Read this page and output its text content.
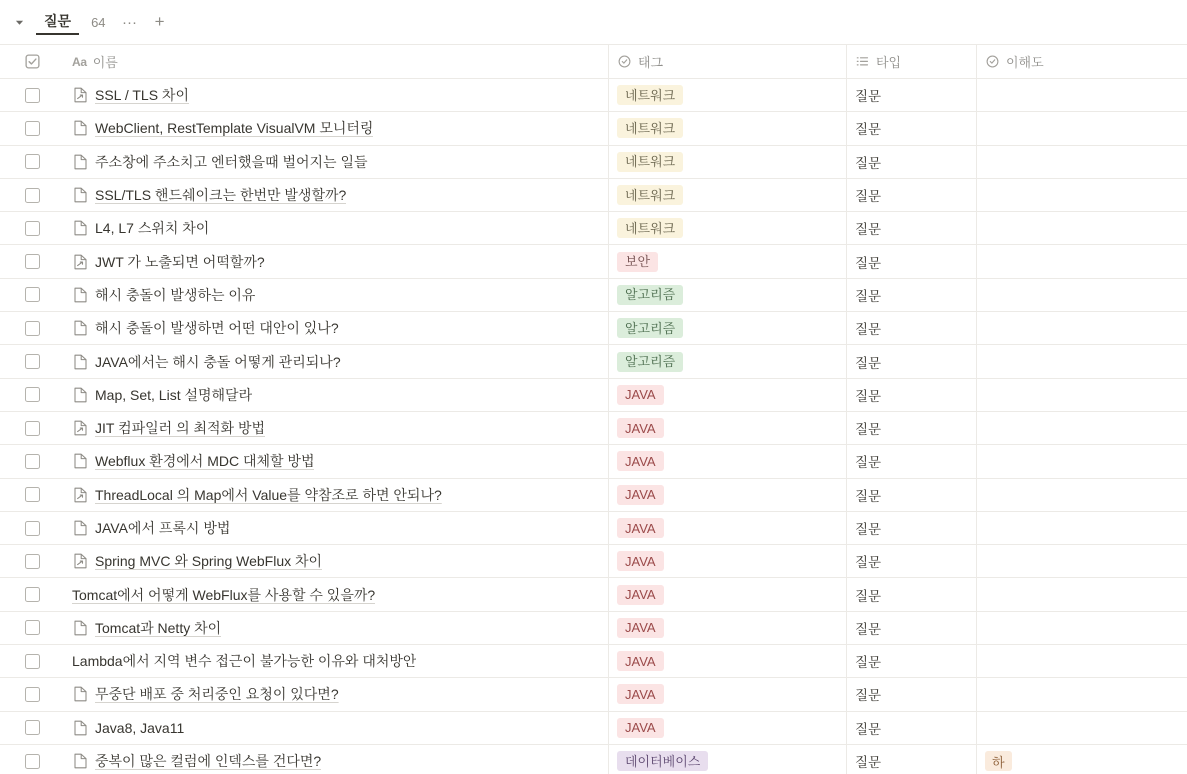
질문	64	···	+
Aa 이름	태그	타입	이해도
SSL / TLS 차이	네트워크	질문
WebClient, RestTemplate VisualVM 모니터링	네트워크	질문
주소창에 주소치고 엔터했을때 벌어지는 일들	네트워크	질문
SSL/TLS 핸드쉐이크는 한번만 발생할까?	네트워크	질문
L4, L7 스위치 차이	네트워크	질문
JWT 가 노출되면 어떡할까?	보안	질문
해시 충돌이 발생하는 이유	알고리즘	질문
해시 충돌이 발생하면 어떤 대안이 있나?	알고리즘	질문
JAVA에서는 해시 충돌 어떻게 관리되나?	알고리즘	질문
Map, Set, List 설명해달라	JAVA	질문
JIT 컴파일러 의 최적화 방법	JAVA	질문
Webflux 환경에서 MDC 대체할 방법	JAVA	질문
ThreadLocal 의 Map에서 Value를 약참조로 하면 안되나?	JAVA	질문
JAVA에서 프록시 방법	JAVA	질문
Spring MVC 와 Spring WebFlux 차이	JAVA	질문
Tomcat에서 어떻게 WebFlux를 사용할 수 있을까?	JAVA	질문
Tomcat과 Netty 차이	JAVA	질문
Lambda에서 지역 변수 접근이 불가능한 이유와 대처방안	JAVA	질문
무중단 배포 중 처리중인 요청이 있다면?	JAVA	질문
Java8, Java11	JAVA	질문
중복이 많은 컬럼에 인덱스를 건다면?	데이터베이스	질문	하
